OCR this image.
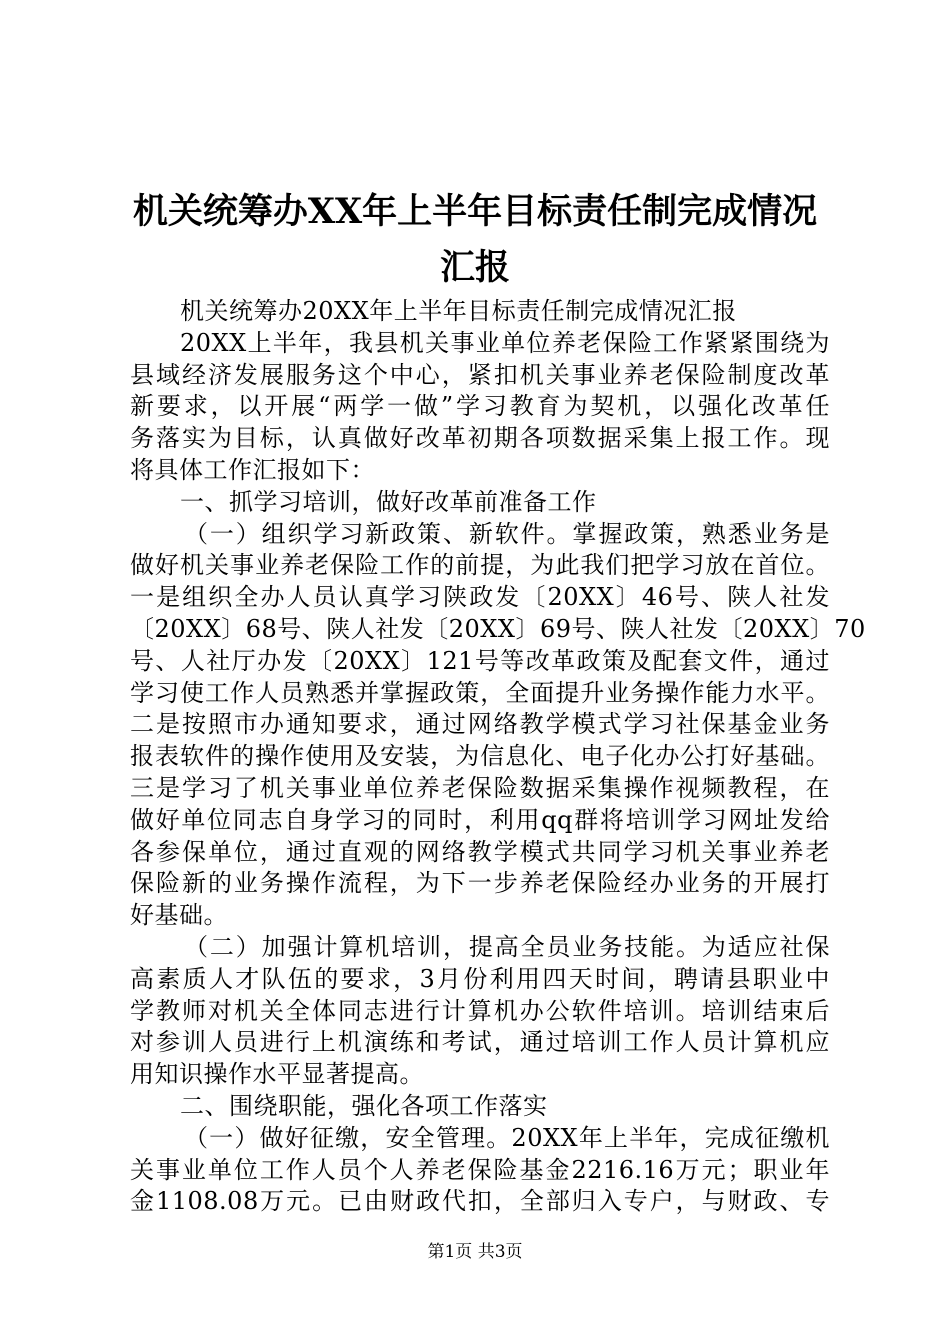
机关统筹办XX年上半年目标责任制完成情况
汇报
机关统筹办20XX年上半年目标责任制完成情况汇报
20XX上半年，我县机关事业单位养老保险工作紧紧围绕为
县域经济发展服务这个中心，紧扣机关事业养老保险制度改革
新要求，以开展“两学一做”学习教育为契机，以强化改革任
务落实为目标，认真做好改革初期各项数据采集上报工作。现
将具体工作汇报如下：
一、抓学习培训，做好改革前准备工作
（一）组织学习新政策、新软件。掌握政策，熟悉业务是
做好机关事业养老保险工作的前提，为此我们把学习放在首位。
一是组织全办人员认真学习陕政发〔20XX〕46号、陕人社发
〔20XX〕68号、陕人社发〔20XX〕69号、陕人社发〔20XX〕70
号、人社厅办发〔20XX〕121号等改革政策及配套文件，通过
学习使工作人员熟悉并掌握政策，全面提升业务操作能力水平。
二是按照市办通知要求，通过网络教学模式学习社保基金业务
报表软件的操作使用及安装，为信息化、电子化办公打好基础。
三是学习了机关事业单位养老保险数据采集操作视频教程，在
做好单位同志自身学习的同时，利用qq群将培训学习网址发给
各参保单位，通过直观的网络教学模式共同学习机关事业养老
保险新的业务操作流程，为下一步养老保险经办业务的开展打
好基础。
（二）加强计算机培训，提高全员业务技能。为适应社保
高素质人才队伍的要求，3月份利用四天时间，聘请县职业中
学教师对机关全体同志进行计算机办公软件培训。培训结束后
对参训人员进行上机演练和考试，通过培训工作人员计算机应
用知识操作水平显著提高。
二、围绕职能，强化各项工作落实
（一）做好征缴，安全管理。20XX年上半年，完成征缴机
关事业单位工作人员个人养老保险基金2216.16万元；职业年
金1108.08万元。已由财政代扣，全部归入专户，与财政、专
第1页 共3页
